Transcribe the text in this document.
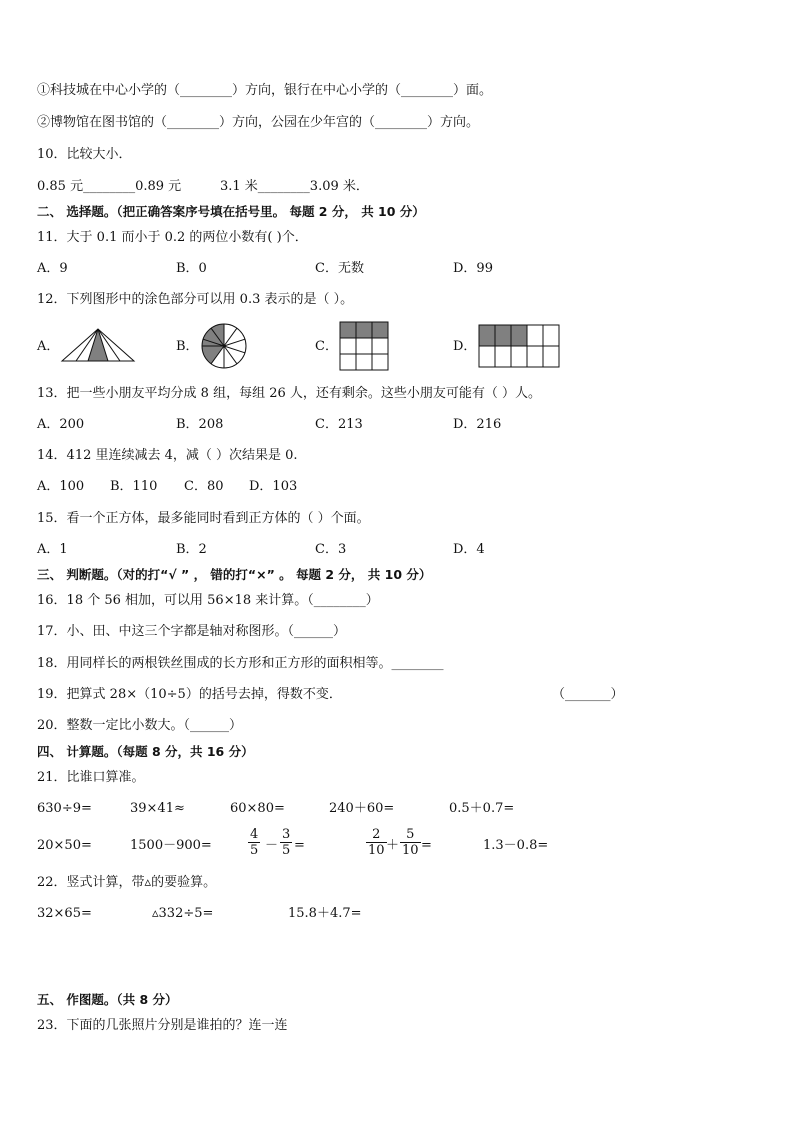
①科技城在中心小学的（________）方向，银行在中心小学的（________）面。
②博物馆在图书馆的（________）方向，公园在少年宫的（________）方向。
10．比较大小．
0.85 元________0.89 元	3.1 米________3.09 米．
二、 选择题。（把正确答案序号填在括号里。 每题 2 分， 共 10 分）
11．大于 0.1 而小于 0.2 的两位小数有( )个．
A．9	B．0	C．无数	D．99
12．下列图形中的涂色部分可以用 0.3 表示的是（ ）。
A．	B．	C．	D．
13．把一些小朋友平均分成 8 组，每组 26 人，还有剩余。这些小朋友可能有（ ）人。
A．200	B．208	C．213	D．216
14．412 里连续减去 4，减（ ）次结果是 0.
A．100 B．110 C．80 D．103
15．看一个正方体，最多能同时看到正方体的（ ）个面。
A．1	B．2	C．3	D．4
三、 判断题。（对的打“√ ” ， 错的打“×” 。 每题 2 分， 共 10 分）
16．18 个 56 相加，可以用 56×18 来计算。（________）
17．小、田、中这三个字都是轴对称图形。（______）
18．用同样长的两根铁丝围成的长方形和正方形的面积相等。________
19．把算式 28×（10÷5）的括号去掉，得数不变．	（_______）
20．整数一定比小数大。（______）
四、 计算题。（每题 8 分，共 16 分）
21．比谁口算准。
630÷9=	39×41≈	60×80=	240＋60=	0.5＋0.7=
20×50=	1500－900=	$\frac{4}{5} - \frac{3}{5}$ =	$\frac{2}{10} + \frac{5}{10}$ =	1.3－0.8=
22．竖式计算，带▵的要验算。
32×65=	▵332÷5=	15.8＋4.7=
五、 作图题。（共 8 分）
23．下面的几张照片分别是谁拍的？连一连
